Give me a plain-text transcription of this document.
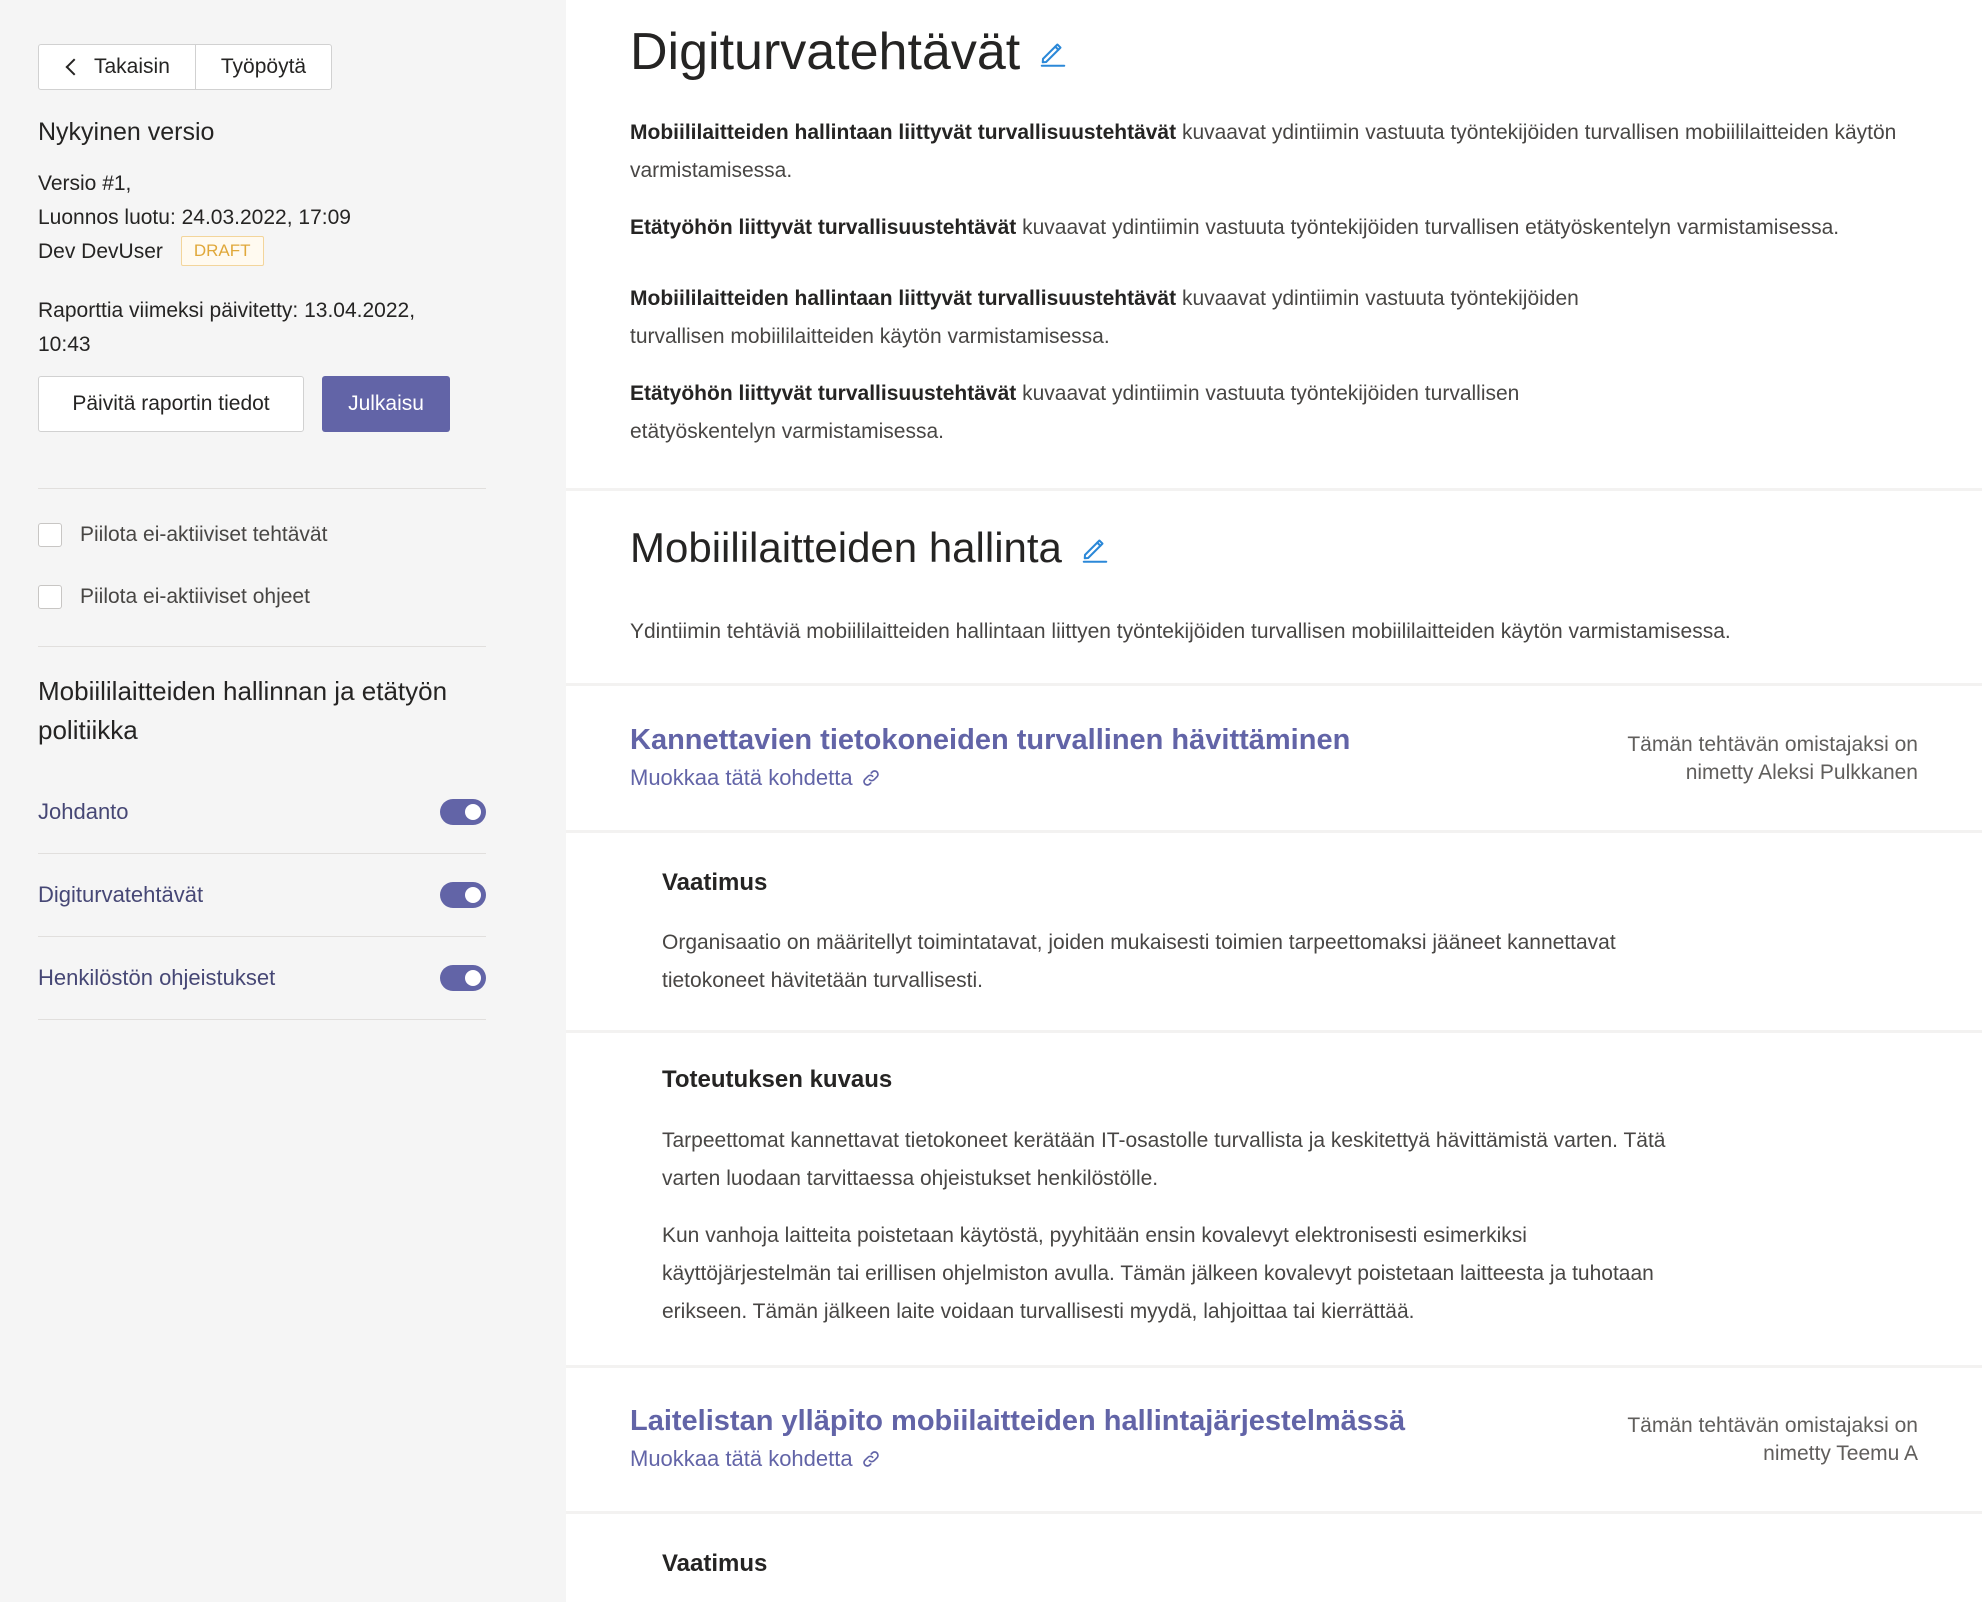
Takaisin Työpöytä
Nykyinen versio
Versio #1,
Luonnos luotu: 24.03.2022, 17:09
Dev DevUser DRAFT
Raporttia viimeksi päivitetty: 13.04.2022,
10:43
Päivitä raportin tiedot	Julkaisu
Piilota ei-aktiiviset tehtävät
Piilota ei-aktiiviset ohjeet
Mobiililaitteiden hallinnan ja etätyön politiikka
Johdanto
Digiturvatehtävät
Henkilöstön ohjeistukset
Digiturvatehtävät
Mobiililaitteiden hallintaan liittyvät turvallisuustehtävät kuvaavat ydintiimin vastuuta työntekijöiden turvallisen mobiililaitteiden käytön varmistamisessa.
Etätyöhön liittyvät turvallisuustehtävät kuvaavat ydintiimin vastuuta työntekijöiden turvallisen etätyöskentelyn varmistamisessa.
Mobiililaitteiden hallintaan liittyvät turvallisuustehtävät kuvaavat ydintiimin vastuuta työntekijöiden turvallisen mobiililaitteiden käytön varmistamisessa.
Etätyöhön liittyvät turvallisuustehtävät kuvaavat ydintiimin vastuuta työntekijöiden turvallisen etätyöskentelyn varmistamisessa.
Mobiililaitteiden hallinta
Ydintiimin tehtäviä mobiililaitteiden hallintaan liittyen työntekijöiden turvallisen mobiililaitteiden käytön varmistamisessa.
Kannettavien tietokoneiden turvallinen hävittäminen
Muokkaa tätä kohdetta
Tämän tehtävän omistajaksi on
nimetty Aleksi Pulkkanen
Vaatimus
Organisaatio on määritellyt toimintatavat, joiden mukaisesti toimien tarpeettomaksi jääneet kannettavat tietokoneet hävitetään turvallisesti.
Toteutuksen kuvaus
Tarpeettomat kannettavat tietokoneet kerätään IT-osastolle turvallista ja keskitettyä hävittämistä varten. Tätä varten luodaan tarvittaessa ohjeistukset henkilöstölle.
Kun vanhoja laitteita poistetaan käytöstä, pyyhitään ensin kovalevyt elektronisesti esimerkiksi käyttöjärjestelmän tai erillisen ohjelmiston avulla. Tämän jälkeen kovalevyt poistetaan laitteesta ja tuhotaan erikseen. Tämän jälkeen laite voidaan turvallisesti myydä, lahjoittaa tai kierrättää.
Laitelistan ylläpito mobiilaitteiden hallintajärjestelmässä
Muokkaa tätä kohdetta
Tämän tehtävän omistajaksi on
nimetty Teemu A
Vaatimus
